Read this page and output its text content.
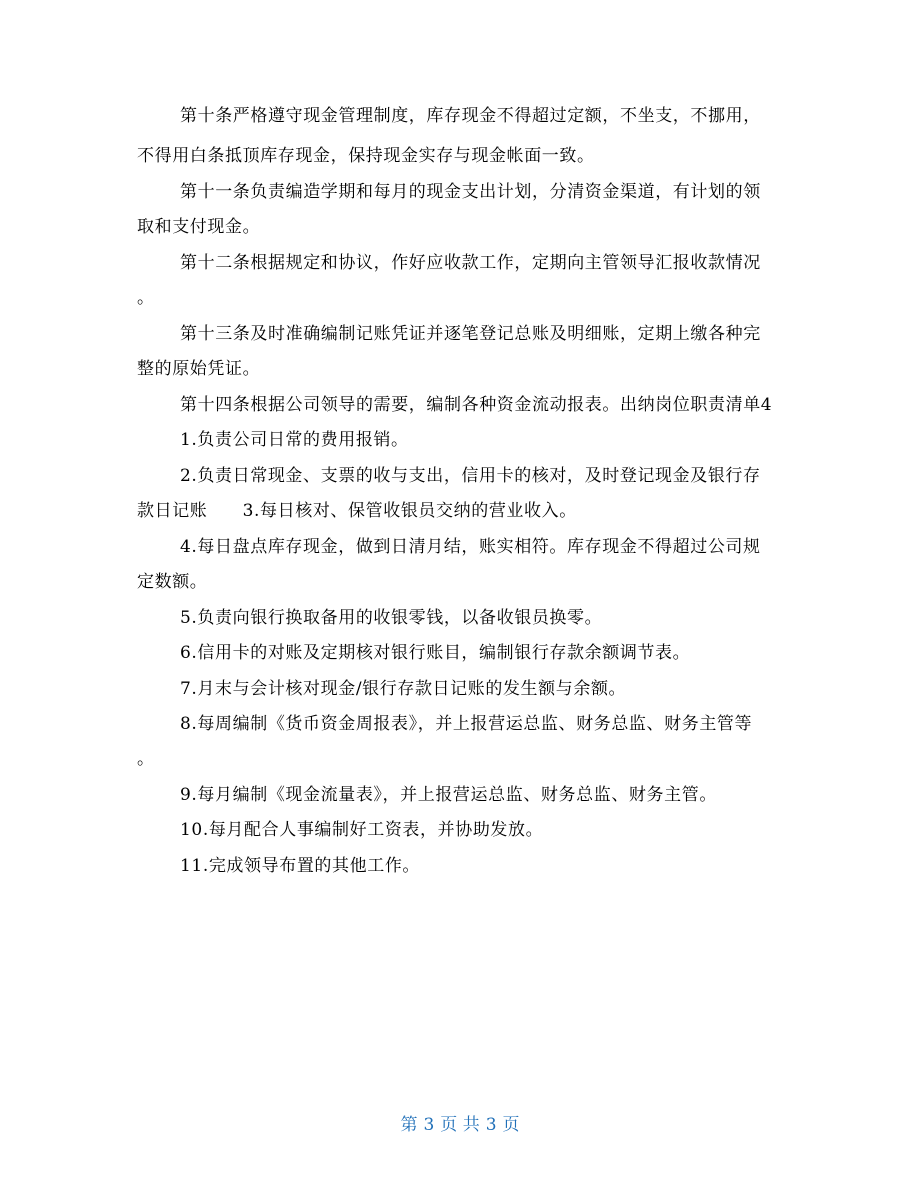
第十条严格遵守现金管理制度，库存现金不得超过定额，不坐支，不挪用，
不得用白条抵顶库存现金，保持现金实存与现金帐面一致。
第十一条负责编造学期和每月的现金支出计划，分清资金渠道，有计划的领
取和支付现金。
第十二条根据规定和协议，作好应收款工作，定期向主管领导汇报收款情况
。
第十三条及时准确编制记账凭证并逐笔登记总账及明细账，定期上缴各种完
整的原始凭证。
第十四条根据公司领导的需要，编制各种资金流动报表。出纳岗位职责清单4
1.负责公司日常的费用报销。
2.负责日常现金、支票的收与支出，信用卡的核对，及时登记现金及银行存
款日记账　　3.每日核对、保管收银员交纳的营业收入。
4.每日盘点库存现金，做到日清月结，账实相符。库存现金不得超过公司规
定数额。
5.负责向银行换取备用的收银零钱，以备收银员换零。
6.信用卡的对账及定期核对银行账目，编制银行存款余额调节表。
7.月末与会计核对现金/银行存款日记账的发生额与余额。
8.每周编制《货币资金周报表》，并上报营运总监、财务总监、财务主管等
。
9.每月编制《现金流量表》，并上报营运总监、财务总监、财务主管。
10.每月配合人事编制好工资表，并协助发放。
11.完成领导布置的其他工作。
第 3 页 共 3 页
